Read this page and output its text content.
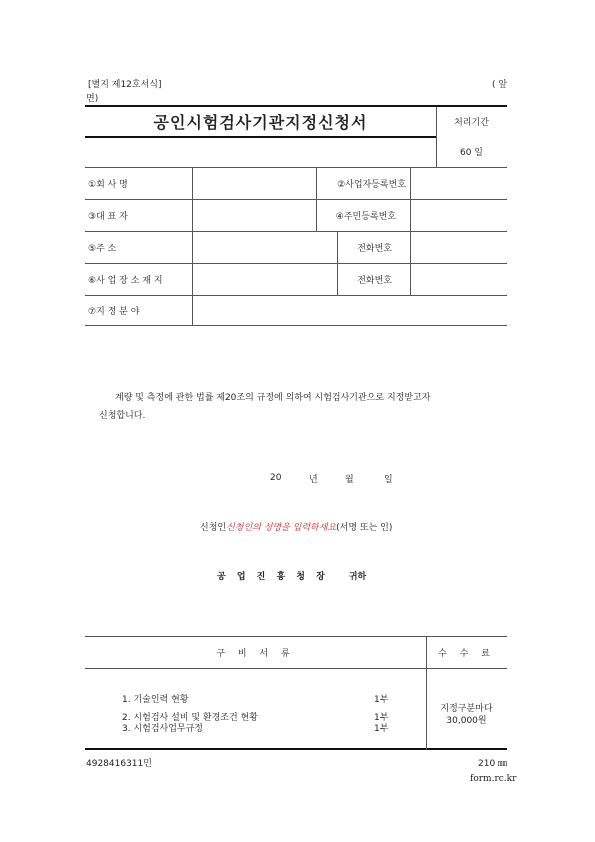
[별지 제12호서식]	( 앞
면)
공인시험검사기관지정신청서	처리기간
60 일
①회 사 명	②사업자등록번호
③대 표 자	④주민등록번호
⑤주 소	전화번호
⑥사 업 장 소 재 지	전화번호
⑦지 정 분 야
계량 및 측정에 관한 법률 제20조의 규정에 의하여 시험검사기관으로 지정받고자
신청합니다.
20	년	월	일
신청인 신청인의 성명을 입력하세요 (서명 또는 인)
공 업 진 흥 청 장 귀하
구 비 서 류	수 수 료
1. 기술인력 현황	1부
2. 시험검사 설비 및 환경조건 현황	1부
3. 시험검사업무규정	1부
지정구분마다
30,000원
4928416311민	210 ㎜
form.rc.kr
